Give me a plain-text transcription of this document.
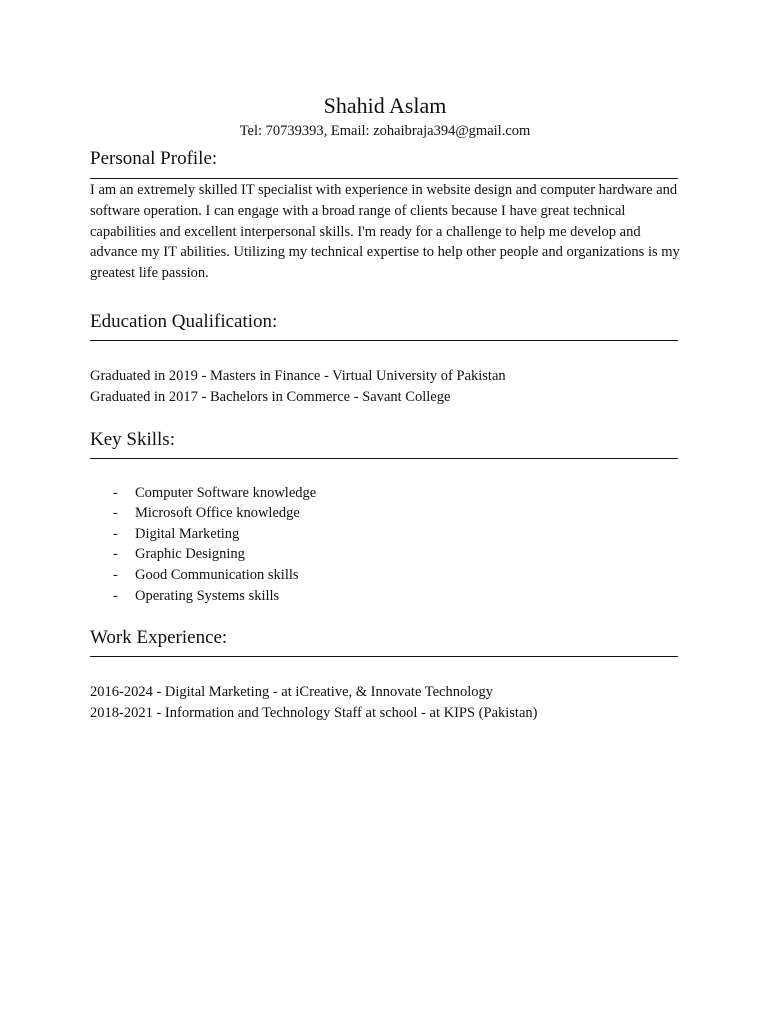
Shahid Aslam

Tel: 70739393, Email: zohaibraja394@gmail.com

Personal Profile:

I am an extremely skilled IT specialist with experience in website design and computer hardware and software operation. I can engage with a broad range of clients because I have great technical capabilities and excellent interpersonal skills. I'm ready for a challenge to help me develop and advance my IT abilities. Utilizing my technical expertise to help other people and organizations is my greatest life passion.

Education Qualification:

Graduated in 2019 - Masters in Finance - Virtual University of Pakistan

Graduated in 2017 - Bachelors in Commerce - Savant College

Key Skills:
- Computer Software knowledge
- Microsoft Office knowledge
- Digital Marketing
- Graphic Designing
- Good Communication skills
- Operating Systems skills
Work Experience:

2016-2024 - Digital Marketing - at iCreative, & Innovate Technology

2018-2021 - Information and Technology Staff at school - at KIPS (Pakistan)
